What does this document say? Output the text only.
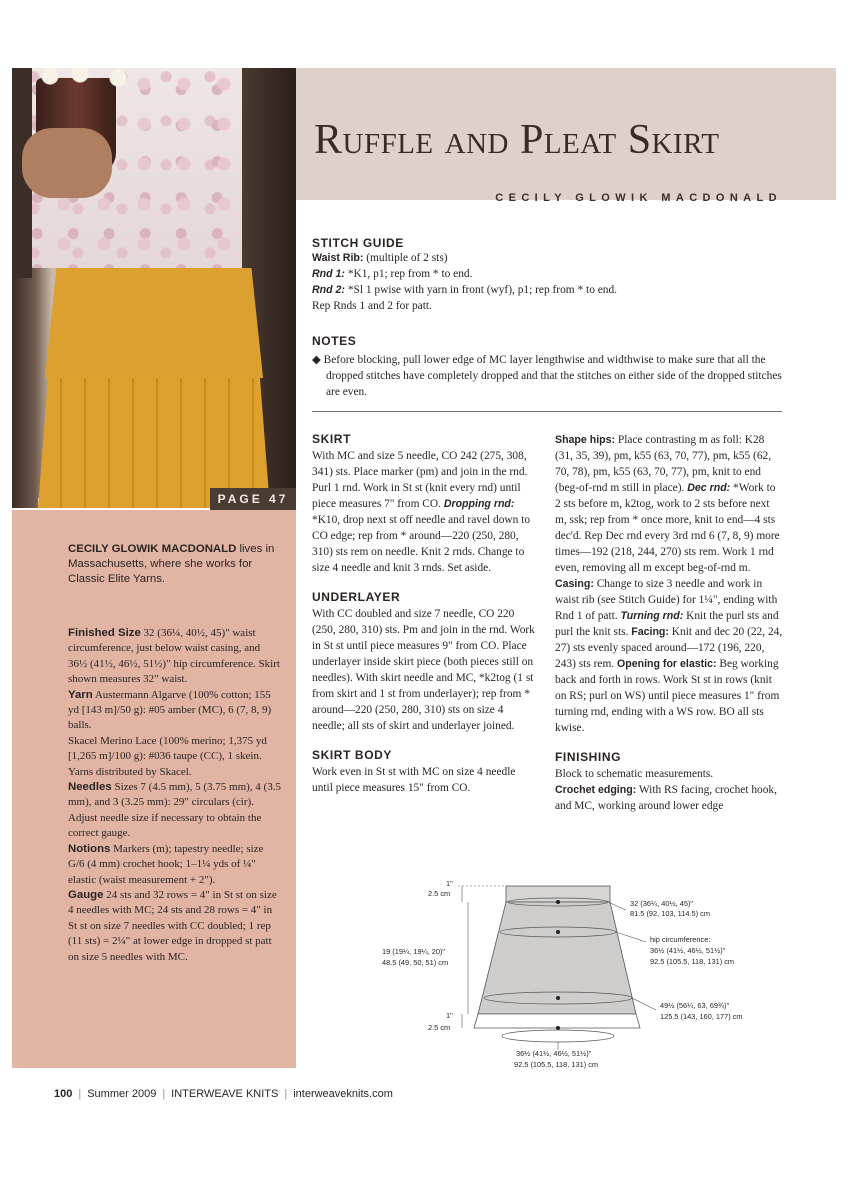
PAGE 47
Ruffle and Pleat Skirt
CECILY GLOWIK MACDONALD
CECILY GLOWIK MACDONALD lives in Massachusetts, where she works for Classic Elite Yarns.

Finished Size 32 (36¼, 40½, 45)" waist circumference, just below waist casing, and 36½ (41½, 46½, 51½)" hip circumference. Skirt shown measures 32" waist.

Yarn Austermann Algarve (100% cotton; 155 yd [143 m]/50 g): #05 amber (MC), 6 (7, 8, 9) balls.

Skacel Merino Lace (100% merino; 1,375 yd [1,265 m]/100 g): #036 taupe (CC), 1 skein.

Yarns distributed by Skacel.

Needles Sizes 7 (4.5 mm), 5 (3.75 mm), 4 (3.5 mm), and 3 (3.25 mm): 29" circulars (cir). Adjust needle size if necessary to obtain the correct gauge.

Notions Markers (m); tapestry needle; size G/6 (4 mm) crochet hook; 1–1¼ yds of ¼" elastic (waist measurement + 2").

Gauge 24 sts and 32 rows = 4" in St st on size 4 needles with MC; 24 sts and 28 rows = 4" in St st on size 7 needles with CC doubled; 1 rep (11 sts) = 2¼" at lower edge in dropped st patt on size 5 needles with MC.

STITCH GUIDE

Waist Rib: (multiple of 2 sts)

Rnd 1: *K1, p1; rep from * to end.

Rnd 2: *Sl 1 pwise with yarn in front (wyf), p1; rep from * to end.

Rep Rnds 1 and 2 for patt.

NOTES

◆ Before blocking, pull lower edge of MC layer lengthwise and widthwise to make sure that all the dropped stitches have completely dropped and that the stitches on either side of the dropped stitches are even.

SKIRT

With MC and size 5 needle, CO 242 (275, 308, 341) sts. Place marker (pm) and join in the rnd. Purl 1 rnd. Work in St st (knit every rnd) until piece measures 7" from CO. Dropping rnd: *K10, drop next st off needle and ravel down to CO edge; rep from * around—220 (250, 280, 310) sts rem on needle. Knit 2 rnds. Change to size 4 needle and knit 3 rnds. Set aside.

UNDERLAYER

With CC doubled and size 7 needle, CO 220 (250, 280, 310) sts. Pm and join in the rnd. Work in St st until piece measures 9" from CO. Place underlayer inside skirt piece (both pieces still on needles). With skirt needle and MC, *k2tog (1 st from skirt and 1 st from underlayer); rep from * around—220 (250, 280, 310) sts on size 4 needle; all sts of skirt and underlayer joined.

SKIRT BODY

Work even in St st with MC on size 4 needle until piece measures 15" from CO.

Shape hips: Place contrasting m as foll: K28 (31, 35, 39), pm, k55 (63, 70, 77), pm, k55 (62, 70, 78), pm, k55 (63, 70, 77), pm, knit to end (beg-of-rnd m still in place). Dec rnd: *Work to 2 sts before m, k2tog, work to 2 sts before next m, ssk; rep from * once more, knit to end—4 sts dec'd. Rep Dec rnd every 3rd rnd 6 (7, 8, 9) more times—192 (218, 244, 270) sts rem. Work 1 rnd even, removing all m except beg-of-rnd m. Casing: Change to size 3 needle and work in waist rib (see Stitch Guide) for 1¼", ending with Rnd 1 of patt. Turning rnd: Knit the purl sts and purl the knit sts. Facing: Knit and dec 20 (22, 24, 27) sts evenly spaced around—172 (196, 220, 243) sts rem. Opening for elastic: Beg working back and forth in rows. Work St st in rows (knit on RS; purl on WS) until piece measures 1" from turning rnd, ending with a WS row. BO all sts kwise.

FINISHING

Block to schematic measurements.

Crochet edging: With RS facing, crochet hook, and MC, working around lower edge

1"
2.5 cm
32 (36¼, 40½, 45)"
81.5 (92, 103, 114.5) cm
hip circumference:
36½ (41½, 46½, 51½)"
92.5 (105.5, 118, 131) cm
19 (19¼, 19¼, 20)"
48.5 (49, 50, 51) cm
49½ (56¼, 63, 69¾)"
125.5 (143, 160, 177) cm
1"
2.5 cm
36½ (41½, 46½, 51½)"
92.5 (105.5, 118, 131) cm
100 | Summer 2009 | INTERWEAVE KNITS | interweaveknits.com
